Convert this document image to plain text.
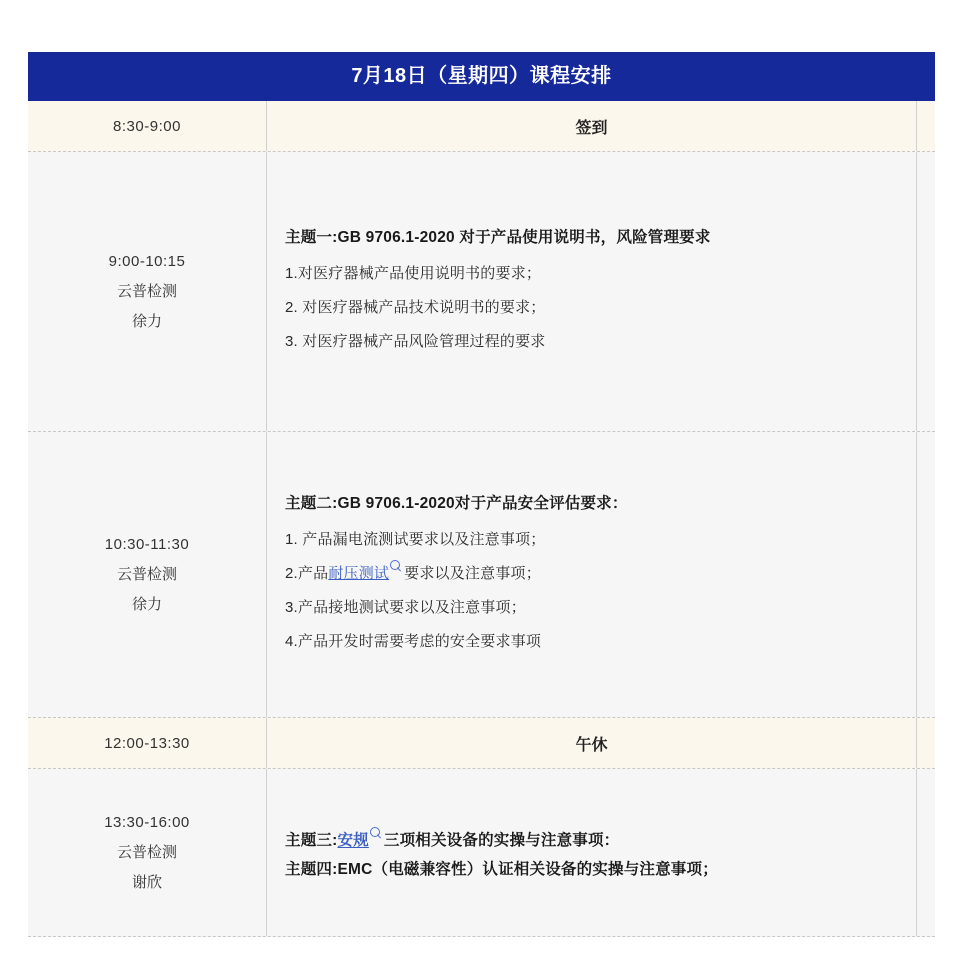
7月18日（星期四）课程安排
8:30-9:00	签到
9:00-10:15
云普检测
徐力
主题一:GB 9706.1-2020 对于产品使用说明书，风险管理要求
1.对医疗器械产品使用说明书的要求；
2. 对医疗器械产品技术说明书的要求；
3. 对医疗器械产品风险管理过程的要求
10:30-11:30
云普检测
徐力
主题二:GB 9706.1-2020对于产品安全评估要求：
1. 产品漏电流测试要求以及注意事项；
2.产品耐压测试 要求以及注意事项；
3.产品接地测试要求以及注意事项；
4.产品开发时需要考虑的安全要求事项
12:00-13:30	午休
13:30-16:00
云普检测
谢欣
主题三:安规 三项相关设备的实操与注意事项：
主题四:EMC（电磁兼容性）认证相关设备的实操与注意事项；
